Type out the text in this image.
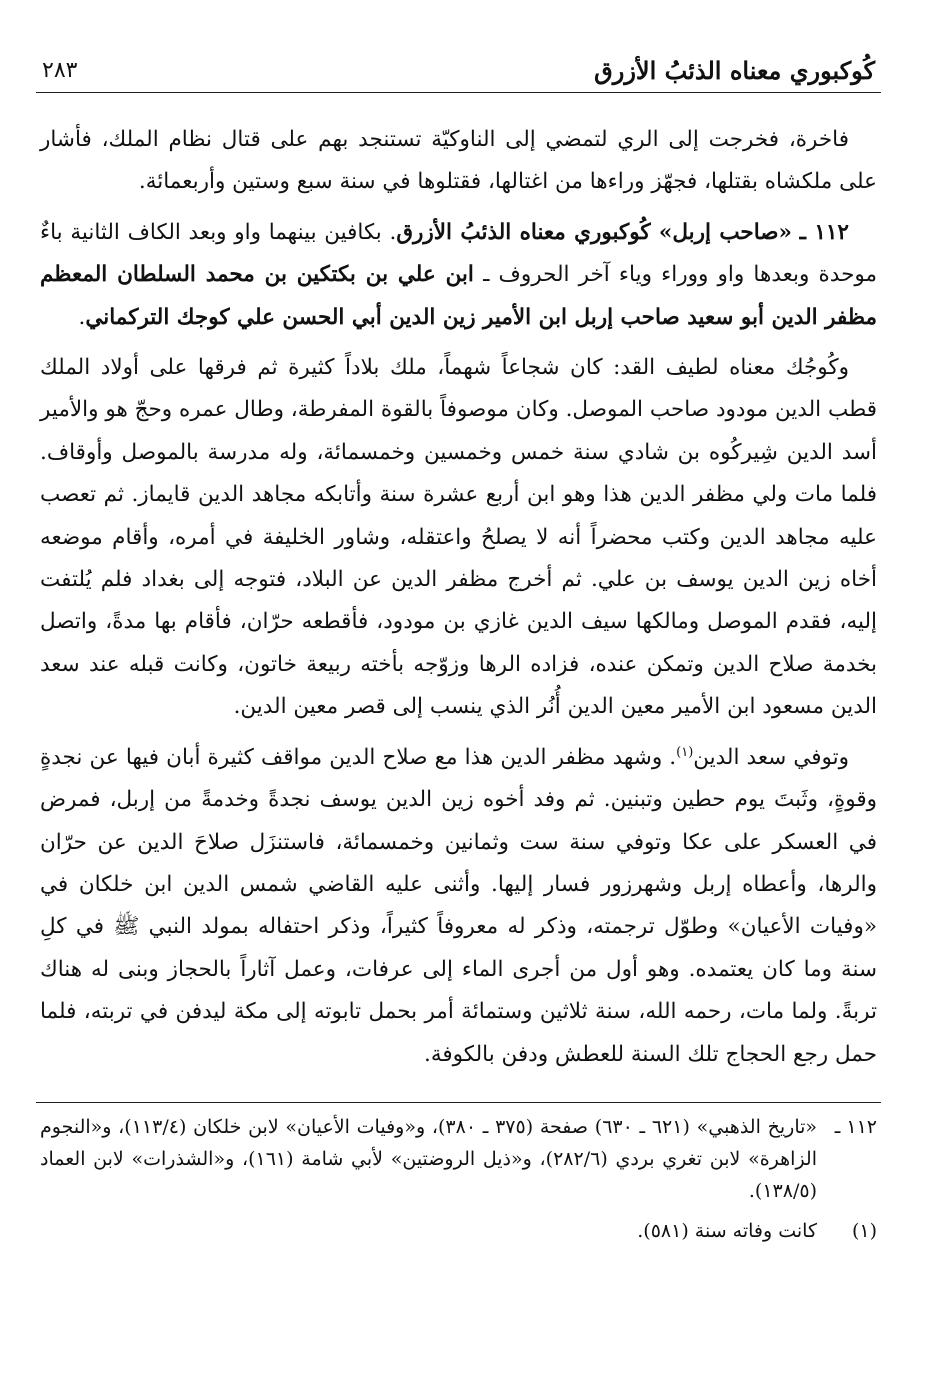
كُوكبوري معناه الذئبُ الأزرق
٢٨٣

فاخرة، فخرجت إلى الري لتمضي إلى الناوكيّة تستنجد بهم على قتال نظام الملك، فأشار على ملكشاه بقتلها، فجهّز وراءها من اغتالها، فقتلوها في سنة سبع وستين وأربعمائة.

١١٢ ـ «صاحب إربل» كُوكبوري معناه الذئبُ الأزرق. بكافين بينهما واو وبعد الكاف الثانية باءٌ موحدة وبعدها واو ووراء وياء آخر الحروف ـ ابن علي بن بكتكين بن محمد السلطان المعظم مظفر الدين أبو سعيد صاحب إربل ابن الأمير زين الدين أبي الحسن علي كوجك التركماني.

وكُوجُك معناه لطيف القد: كان شجاعاً شهماً، ملك بلاداً كثيرة ثم فرقها على أولاد الملك قطب الدين مودود صاحب الموصل. وكان موصوفاً بالقوة المفرطة، وطال عمره وحجّ هو والأمير أسد الدين شِيركُوه بن شادي سنة خمس وخمسين وخمسمائة، وله مدرسة بالموصل وأوقاف. فلما مات ولي مظفر الدين هذا وهو ابن أربع عشرة سنة وأتابكه مجاهد الدين قايماز. ثم تعصب عليه مجاهد الدين وكتب محضراً أنه لا يصلحُ واعتقله، وشاور الخليفة في أمره، وأقام موضعه أخاه زين الدين يوسف بن علي. ثم أخرج مظفر الدين عن البلاد، فتوجه إلى بغداد فلم يُلتفت إليه، فقدم الموصل ومالكها سيف الدين غازي بن مودود، فأقطعه حرّان، فأقام بها مدةً، واتصل بخدمة صلاح الدين وتمكن عنده، فزاده الرها وزوّجه بأخته ربيعة خاتون، وكانت قبله عند سعد الدين مسعود ابن الأمير معين الدين أُنُر الذي ينسب إلى قصر معين الدين.

وتوفي سعد الدين$^{(١)}$. وشهد مظفر الدين هذا مع صلاح الدين مواقف كثيرة أبان فيها عن نجدةٍ وقوةٍ، وثَبتَ يوم حطين وتبنين. ثم وفد أخوه زين الدين يوسف نجدةً وخدمةً من إربل، فمرض في العسكر على عكا وتوفي سنة ست وثمانين وخمسمائة، فاستنزَل صلاحَ الدين عن حرّان والرها، وأعطاه إربل وشهرزور فسار إليها. وأثنى عليه القاضي شمس الدين ابن خلكان في «وفيات الأعيان» وطوّل ترجمته، وذكر له معروفاً كثيراً، وذكر احتفاله بمولد النبي ﷺ في كلِ سنة وما كان يعتمده. وهو أول من أجرى الماء إلى عرفات، وعمل آثاراً بالحجاز وبنى له هناك تربةً. ولما مات، رحمه الله، سنة ثلاثين وستمائة أمر بحمل تابوته إلى مكة ليدفن في تربته، فلما حمل رجع الحجاج تلك السنة للعطش ودفن بالكوفة.

١١٢ ـ
«تاريخ الذهبي» (٦٢١ ـ ٦٣٠) صفحة (٣٧٥ ـ ٣٨٠)، و«وفيات الأعيان» لابن خلكان (١١٣/٤)، و«النجوم الزاهرة» لابن تغري بردي (٢٨٢/٦)، و«ذيل الروضتين» لأبي شامة (١٦١)، و«الشذرات» لابن العماد (١٣٨/٥).
(١)
كانت وفاته سنة (٥٨١).
